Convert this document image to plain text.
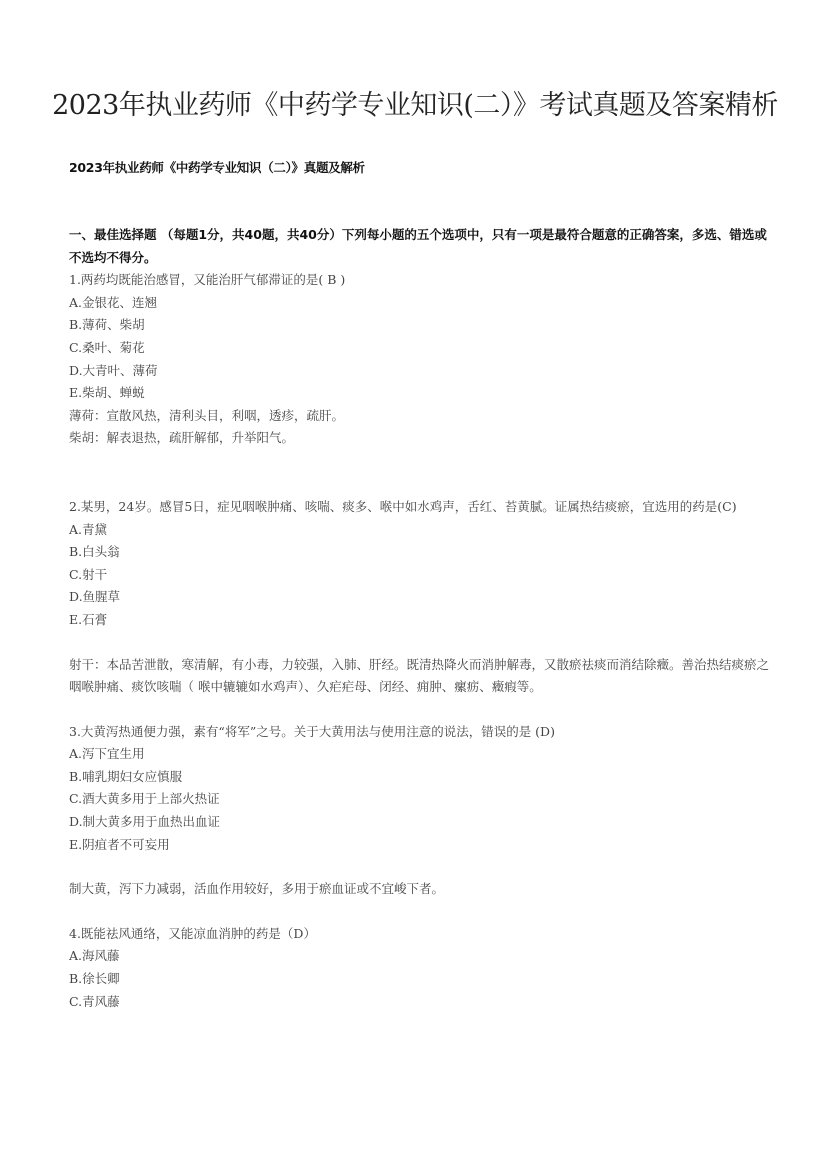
2023年执业药师《中药学专业知识(二）》考试真题及答案精析
2023年执业药师《中药学专业知识（二）》真题及解析
一、最佳选择题 （每题1分，共40题，共40分）下列每小题的五个选项中，只有一项是最符合题意的正确答案，多选、错选或不选均不得分。
1.两药均既能治感冒，又能治肝气郁滞证的是( B )
A.金银花、连翘
B.薄荷、柴胡
C.桑叶、菊花
D.大青叶、薄荷
E.柴胡、蝉蜕
薄荷：宣散风热，清利头目，利咽，透疹，疏肝。
柴胡：解表退热，疏肝解郁，升举阳气。
2.某男，24岁。感冒5日，症见咽喉肿痛、咳喘、痰多、喉中如水鸡声，舌红、苔黄腻。证属热结痰瘀，宜选用的药是(C)
A.青黛
B.白头翁
C.射干
D.鱼腥草
E.石膏
射干：本品苦泄散，寒清解，有小毒，力较强，入肺、肝经。既清热降火而消肿解毒，又散瘀祛痰而消结除癥。善治热结痰瘀之咽喉肿痛、痰饮咳喘（ 喉中辘辘如水鸡声）、久疟疟母、闭经、痈肿、瘰疬、癥瘕等。
3.大黄泻热通便力强，素有“将军”之号。关于大黄用法与使用注意的说法，错误的是 (D)
A.泻下宜生用
B.哺乳期妇女应慎服
C.酒大黄多用于上部火热证
D.制大黄多用于血热出血证
E.阴疽者不可妄用
制大黄，泻下力减弱，活血作用较好，多用于瘀血证或不宜峻下者。
4.既能祛风通络，又能凉血消肿的药是（D）
A.海风藤
B.徐长卿
C.青风藤
